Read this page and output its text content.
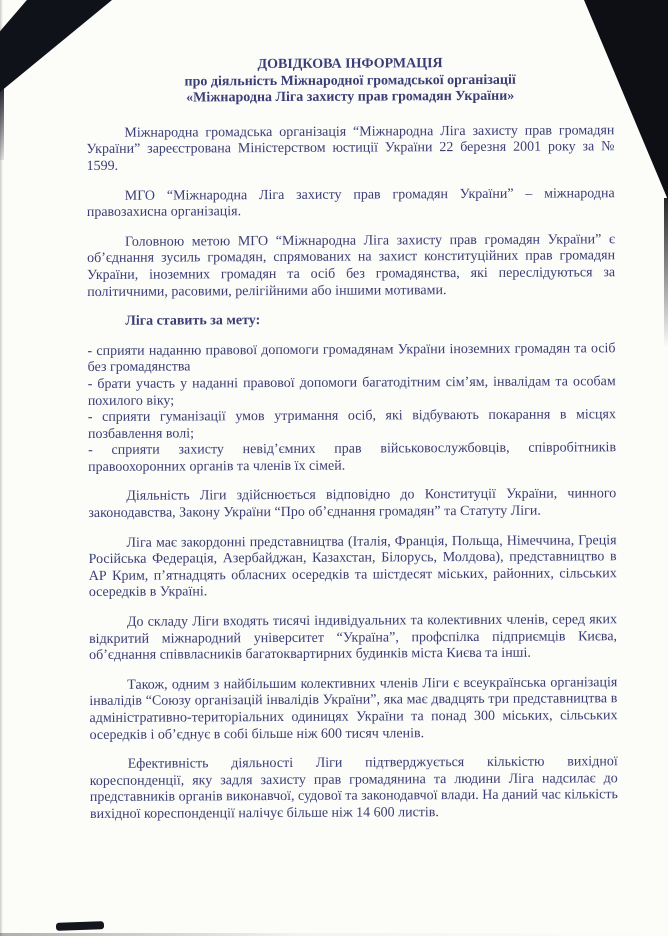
ДОВІДКОВА ІНФОРМАЦІЯ
про діяльність Міжнародної громадської організації
«Міжнародна Ліга захисту прав громадян України»

Міжнародна громадська організація “Міжнародна Ліга захисту прав громадян України” зареєстрована Міністерством юстиції України 22 березня 2001 року за № 1599.

МГО “Міжнародна Ліга захисту прав громадян України” – міжнародна правозахисна організація.

Головною метою МГО “Міжнародна Ліга захисту прав громадян України” є об’єднання зусиль громадян, спрямованих на захист конституційних прав громадян України, іноземних громадян та осіб без громадянства, які переслідуються за політичними, расовими, релігійними або іншими мотивами.

Ліга ставить за мету:

- сприяти наданню правової допомоги громадянам України іноземних громадян та осіб без громадянства

- брати участь у наданні правової допомоги багатодітним сім’ям, інвалідам та особам похилого віку;

- сприяти гуманізації умов утримання осіб, які відбувають покарання в місцях позбавлення волі;

- сприяти захисту невід’ємних прав військовослужбовців, співробітників правоохоронних органів та членів їх сімей.

Діяльність Ліги здійснюється відповідно до Конституції України, чинного законодавства, Закону України “Про об’єднання громадян” та Статуту Ліги.

Ліга має закордонні представництва (Італія, Франція, Польща, Німеччина, Греція Російська Федерація, Азербайджан, Казахстан, Білорусь, Молдова), представництво в АР Крим, п’ятнадцять обласних осередків та шістдесят міських, районних, сільських осередків в Україні.

До складу Ліги входять тисячі індивідуальних та колективних членів, серед яких відкритий міжнародний університет “Україна”, профспілка підприємців Києва, об’єднання співвласників багатоквартирних будинків міста Києва та інші.

Також, одним з найбільшим колективних членів Ліги є всеукраїнська організація інвалідів “Союзу організацій інвалідів України”, яка має двадцять три представництва в адміністративно-територіальних одиницях України та понад 300 міських, сільських осередків і об’єднує в собі більше ніж 600 тисяч членів.

Ефективність діяльності Ліги підтверджується кількістю вихідної кореспонденції, яку задля захисту прав громадянина та людини Ліга надсилає до представників органів виконавчої, судової та законодавчої влади. На даний час кількість вихідної кореспонденції налічує більше ніж 14 600 листів.
